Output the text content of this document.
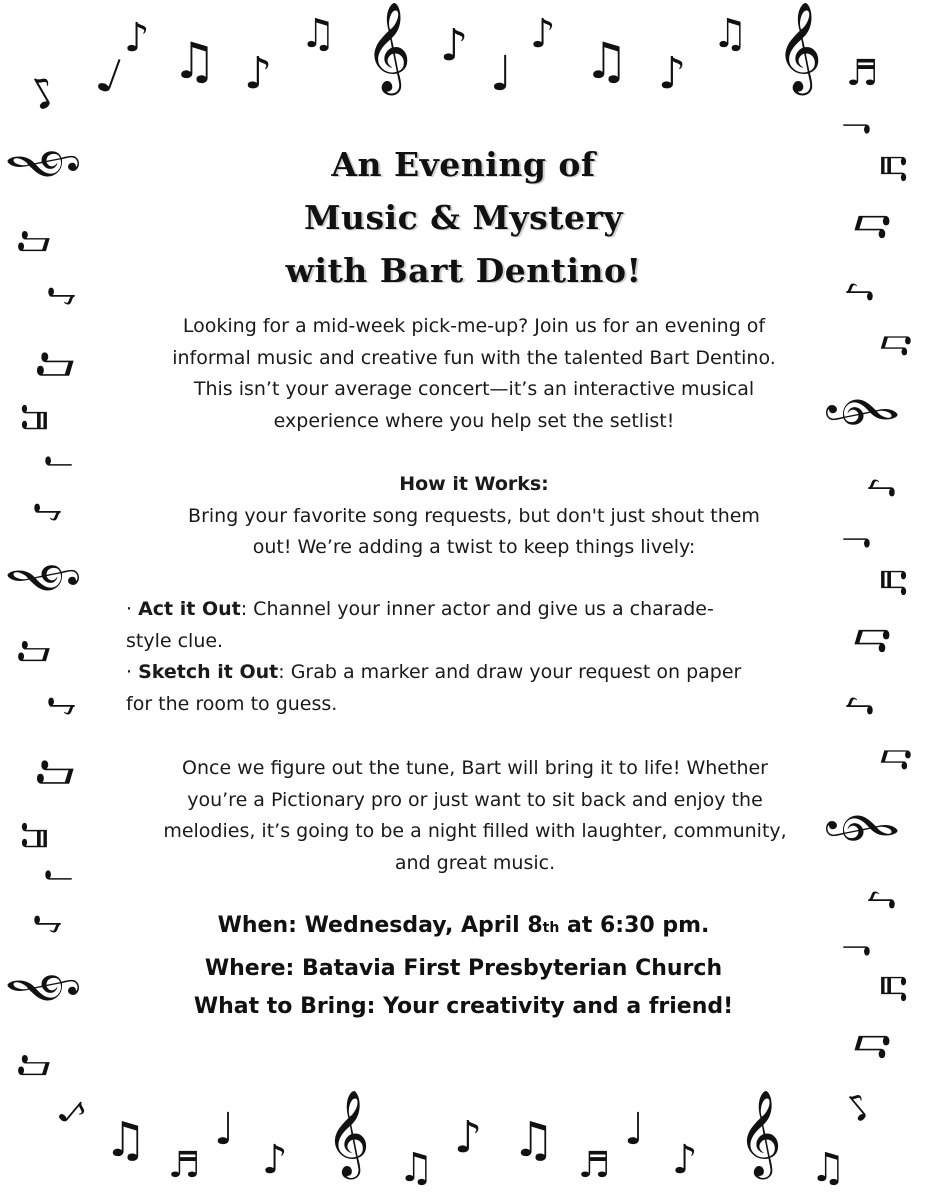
♪ ♩
♪ ♫ ♪
♫ 𝄞 ♪
♩
♪ ♫ ♪
♫ 𝄞 ♬
𝄞
♫
♪
♫
♬
♩
♪
𝄞
♫
♪
♫
♬
♩
♪
𝄞
♫
♩
♬
♫
♪
♫
𝄞
♪
♩
♬
♫
♪
♫
𝄞
♪
♩
♬
♫
♪
♪ ♫ ♬
♩
♪ 𝄞 ♫
♪ ♫ ♬
♩
♪ 𝄞 ♫
An Evening of
Music & Mystery
with Bart Dentino!
Looking for a mid-week pick-me-up? Join us for an evening of
informal music and creative fun with the talented Bart Dentino.
This isn’t your average concert—it’s an interactive musical
experience where you help set the setlist!
How it Works:
Bring your favorite song requests, but don't just shout them
out! We’re adding a twist to keep things lively:
· Act it Out: Channel your inner actor and give us a charade-
style clue.
· Sketch it Out: Grab a marker and draw your request on paper
for the room to guess.
Once we figure out the tune, Bart will bring it to life! Whether
you’re a Pictionary pro or just want to sit back and enjoy the
melodies, it’s going to be a night filled with laughter, community,
and great music.
When: Wednesday, April 8th at 6:30 pm.
Where: Batavia First Presbyterian Church
What to Bring: Your creativity and a friend!
